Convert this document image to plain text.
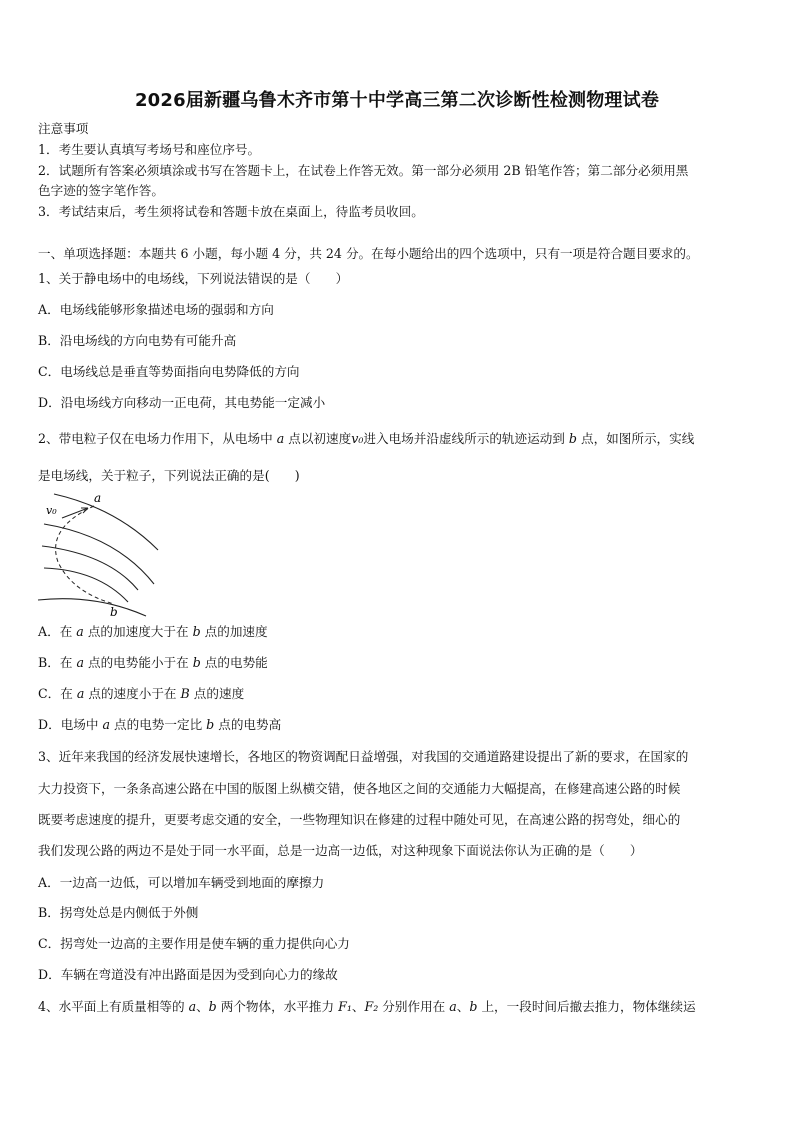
2026届新疆乌鲁木齐市第十中学高三第二次诊断性检测物理试卷
注意事项
1．考生要认真填写考场号和座位序号。
2．试题所有答案必须填涂或书写在答题卡上，在试卷上作答无效。第一部分必须用 2B 铅笔作答；第二部分必须用黑
色字迹的签字笔作答。
3．考试结束后，考生须将试卷和答题卡放在桌面上，待监考员收回。
一、单项选择题：本题共 6 小题，每小题 4 分，共 24 分。在每小题给出的四个选项中，只有一项是符合题目要求的。
1、关于静电场中的电场线，下列说法错误的是（　　）
A．电场线能够形象描述电场的强弱和方向
B．沿电场线的方向电势有可能升高
C．电场线总是垂直等势面指向电势降低的方向
D．沿电场线方向移动一正电荷，其电势能一定减小
2、带电粒子仅在电场力作用下，从电场中 a 点以初速度v₀进入电场并沿虚线所示的轨迹运动到 b 点，如图所示，实线
是电场线，关于粒子，下列说法正确的是(　　)
a
v₀
b
A．在 a 点的加速度大于在 b 点的加速度
B．在 a 点的电势能小于在 b 点的电势能
C．在 a 点的速度小于在 B 点的速度
D．电场中 a 点的电势一定比 b 点的电势高
3、近年来我国的经济发展快速增长，各地区的物资调配日益增强，对我国的交通道路建设提出了新的要求，在国家的
大力投资下，一条条高速公路在中国的版图上纵横交错，使各地区之间的交通能力大幅提高，在修建高速公路的时候
既要考虑速度的提升，更要考虑交通的安全，一些物理知识在修建的过程中随处可见，在高速公路的拐弯处，细心的
我们发现公路的两边不是处于同一水平面，总是一边高一边低，对这种现象下面说法你认为正确的是（　　）
A．一边高一边低，可以增加车辆受到地面的摩擦力
B．拐弯处总是内侧低于外侧
C．拐弯处一边高的主要作用是使车辆的重力提供向心力
D．车辆在弯道没有冲出路面是因为受到向心力的缘故
4、水平面上有质量相等的 a、b 两个物体，水平推力 F₁、F₂ 分别作用在 a、b 上，一段时间后撤去推力，物体继续运
